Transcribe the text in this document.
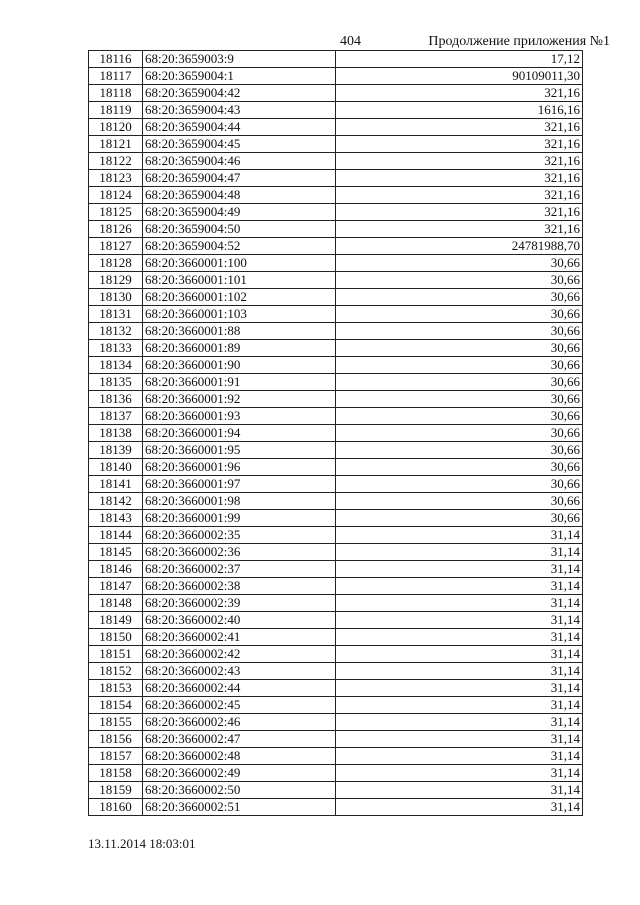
404	Продолжение приложения №1
18116	68:20:3659003:9	17,12
18117	68:20:3659004:1	90109011,30
18118	68:20:3659004:42	321,16
18119	68:20:3659004:43	1616,16
18120	68:20:3659004:44	321,16
18121	68:20:3659004:45	321,16
18122	68:20:3659004:46	321,16
18123	68:20:3659004:47	321,16
18124	68:20:3659004:48	321,16
18125	68:20:3659004:49	321,16
18126	68:20:3659004:50	321,16
18127	68:20:3659004:52	24781988,70
18128	68:20:3660001:100	30,66
18129	68:20:3660001:101	30,66
18130	68:20:3660001:102	30,66
18131	68:20:3660001:103	30,66
18132	68:20:3660001:88	30,66
18133	68:20:3660001:89	30,66
18134	68:20:3660001:90	30,66
18135	68:20:3660001:91	30,66
18136	68:20:3660001:92	30,66
18137	68:20:3660001:93	30,66
18138	68:20:3660001:94	30,66
18139	68:20:3660001:95	30,66
18140	68:20:3660001:96	30,66
18141	68:20:3660001:97	30,66
18142	68:20:3660001:98	30,66
18143	68:20:3660001:99	30,66
18144	68:20:3660002:35	31,14
18145	68:20:3660002:36	31,14
18146	68:20:3660002:37	31,14
18147	68:20:3660002:38	31,14
18148	68:20:3660002:39	31,14
18149	68:20:3660002:40	31,14
18150	68:20:3660002:41	31,14
18151	68:20:3660002:42	31,14
18152	68:20:3660002:43	31,14
18153	68:20:3660002:44	31,14
18154	68:20:3660002:45	31,14
18155	68:20:3660002:46	31,14
18156	68:20:3660002:47	31,14
18157	68:20:3660002:48	31,14
18158	68:20:3660002:49	31,14
18159	68:20:3660002:50	31,14
18160	68:20:3660002:51	31,14
13.11.2014 18:03:01
